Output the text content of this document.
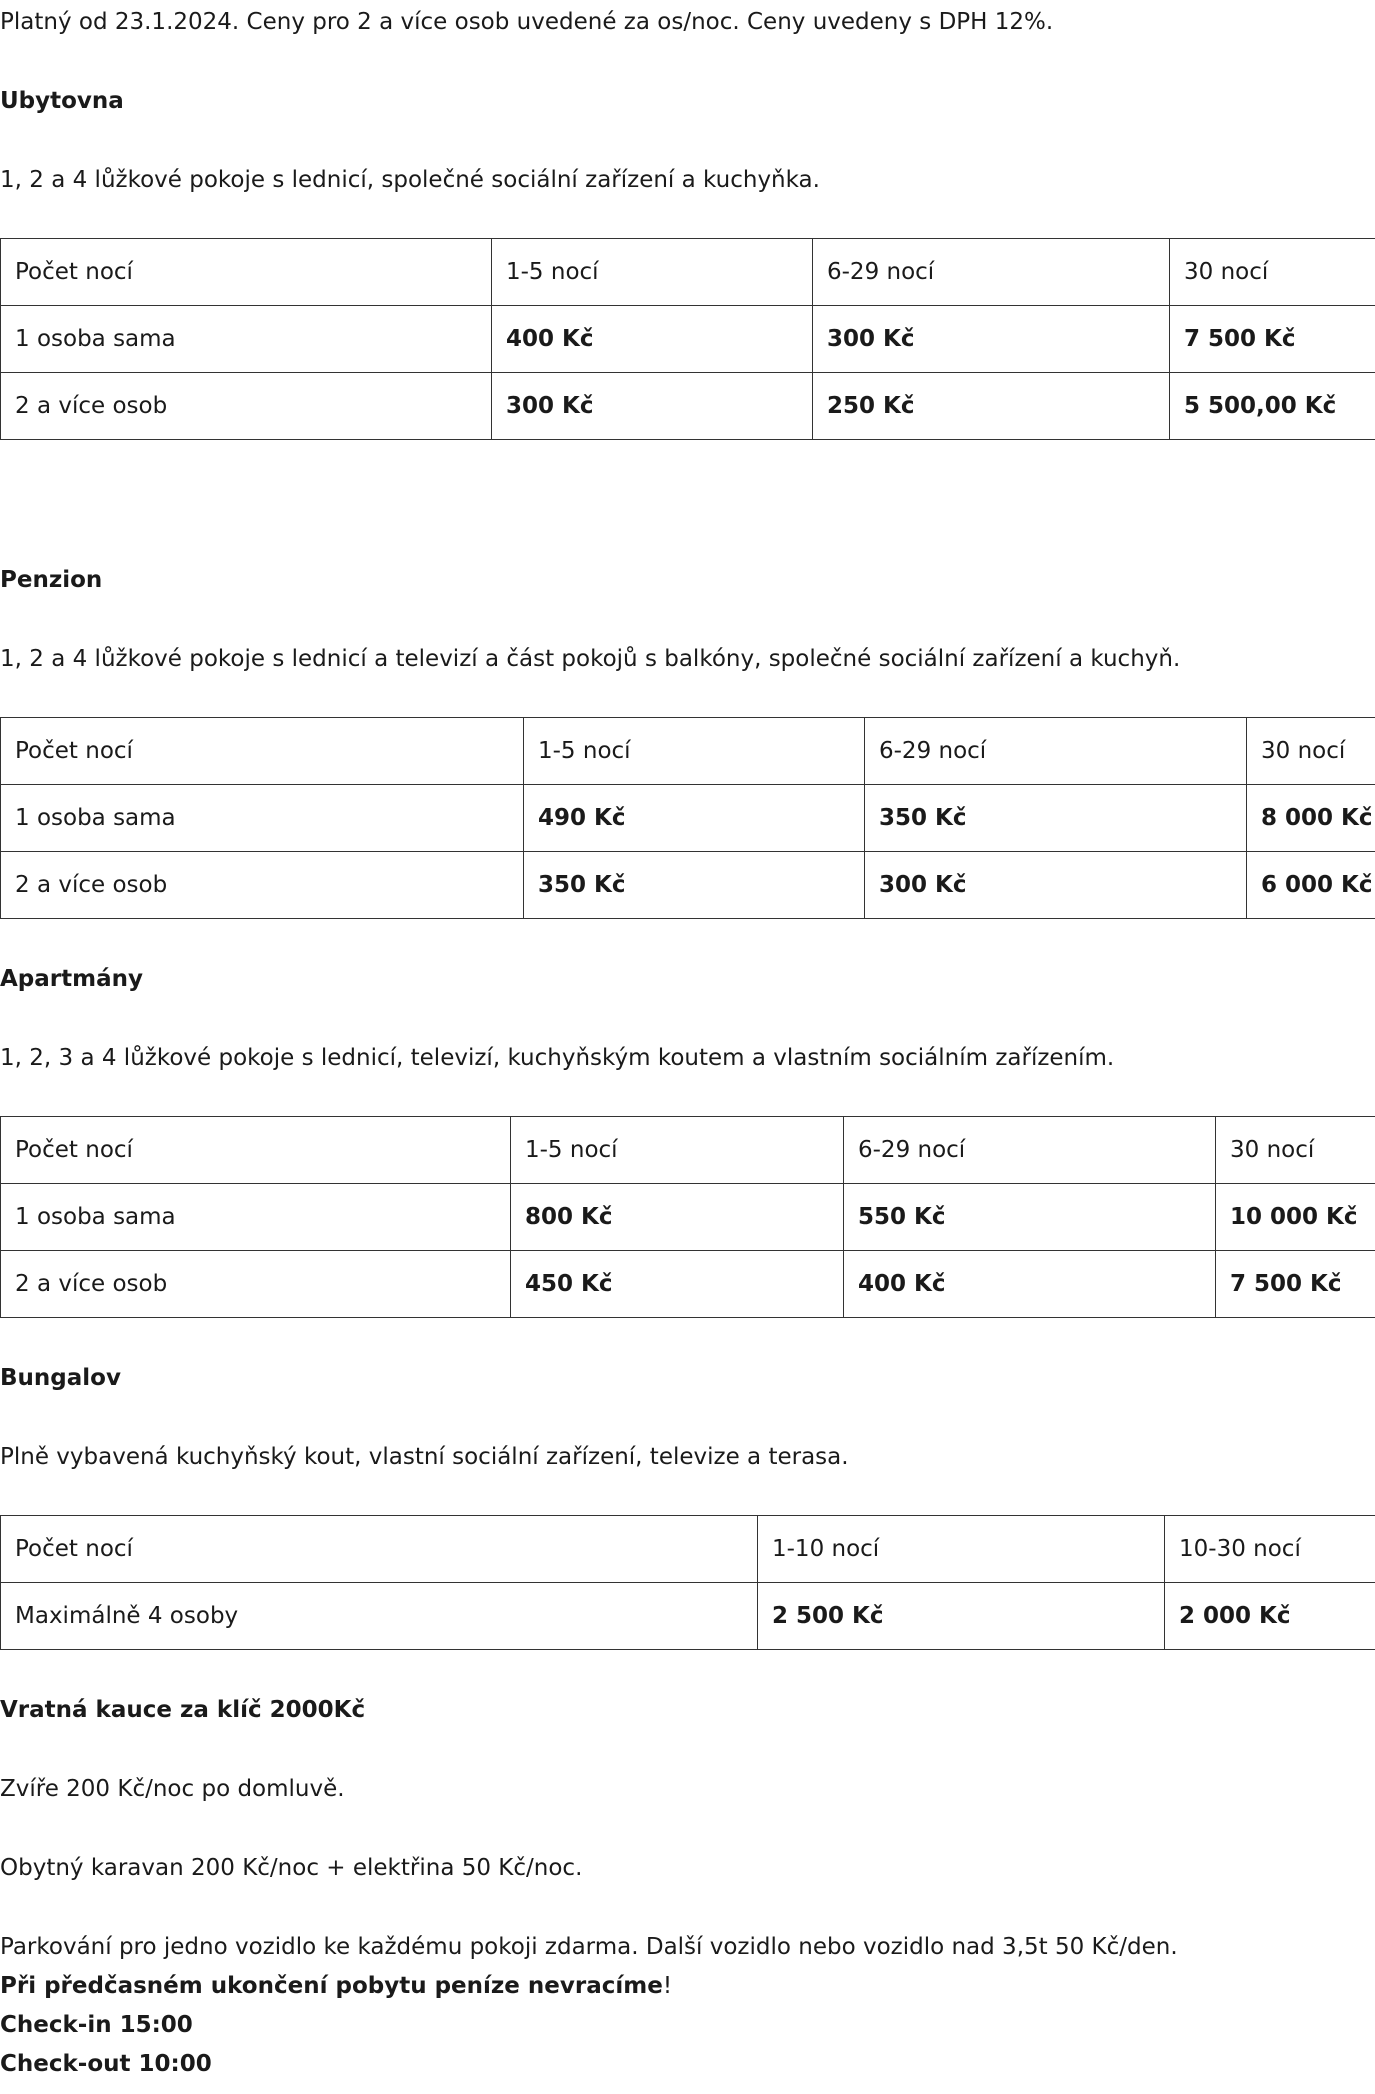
Platný od 23.1.2024. Ceny pro 2 a více osob uvedené za os/noc. Ceny uvedeny s DPH 12%.
Ubytovna
1, 2 a 4 lůžkové pokoje s lednicí, společné sociální zařízení a kuchyňka.
Počet nocí	1-5 nocí	6-29 nocí	30 nocí
1 osoba sama	400 Kč	300 Kč	7 500 Kč
2 a více osob	300 Kč	250 Kč	5 500,00 Kč
Penzion
1, 2 a 4 lůžkové pokoje s lednicí a televizí a část pokojů s balkóny, společné sociální zařízení a kuchyň.
Počet nocí	1-5 nocí	6-29 nocí	30 nocí
1 osoba sama	490 Kč	350 Kč	8 000 Kč
2 a více osob	350 Kč	300 Kč	6 000 Kč
Apartmány
1, 2, 3 a 4 lůžkové pokoje s lednicí, televizí, kuchyňským koutem a vlastním sociálním zařízením.
Počet nocí	1-5 nocí	6-29 nocí	30 nocí
1 osoba sama	800 Kč	550 Kč	10 000 Kč
2 a více osob	450 Kč	400 Kč	7 500 Kč
Bungalov
Plně vybavená kuchyňský kout, vlastní sociální zařízení, televize a terasa.
Počet nocí	1-10 nocí	10-30 nocí
Maximálně 4 osoby	2 500 Kč	2 000 Kč
Vratná kauce za klíč 2000Kč
Zvíře 200 Kč/noc po domluvě.
Obytný karavan 200 Kč/noc + elektřina 50 Kč/noc.
Parkování pro jedno vozidlo ke každému pokoji zdarma. Další vozidlo nebo vozidlo nad 3,5t 50 Kč/den.
Při předčasném ukončení pobytu peníze nevracíme!
Check-in 15:00
Check-out 10:00
